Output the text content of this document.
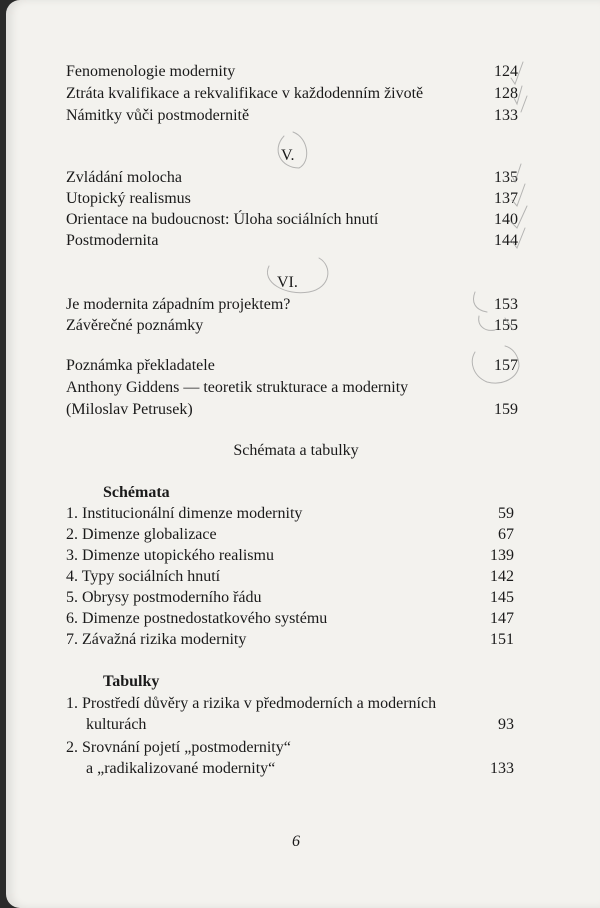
Fenomenologie modernity	124
Ztráta kvalifikace a rekvalifikace v každodenním životě	128
Námitky vůči postmodernitě	133
V.
Zvládání molocha	135
Utopický realismus	137
Orientace na budoucnost: Úloha sociálních hnutí	140
Postmodernita	144
VI.
Je modernita západním projektem?	153
Závěrečné poznámky	155
Poznámka překladatele	157
Anthony Giddens — teoretik strukturace a modernity
(Miloslav Petrusek)	159
Schémata a tabulky
Schémata
1. Institucionální dimenze modernity	59
2. Dimenze globalizace	67
3. Dimenze utopického realismu	139
4. Typy sociálních hnutí	142
5. Obrysy postmoderního řádu	145
6. Dimenze postnedostatkového systému	147
7. Závažná rizika modernity	151
Tabulky
1. Prostředí důvěry a rizika v předmoderních a moderních
kulturách	93
2. Srovnání pojetí „postmodernity“
a „radikalizované modernity“	133
6
